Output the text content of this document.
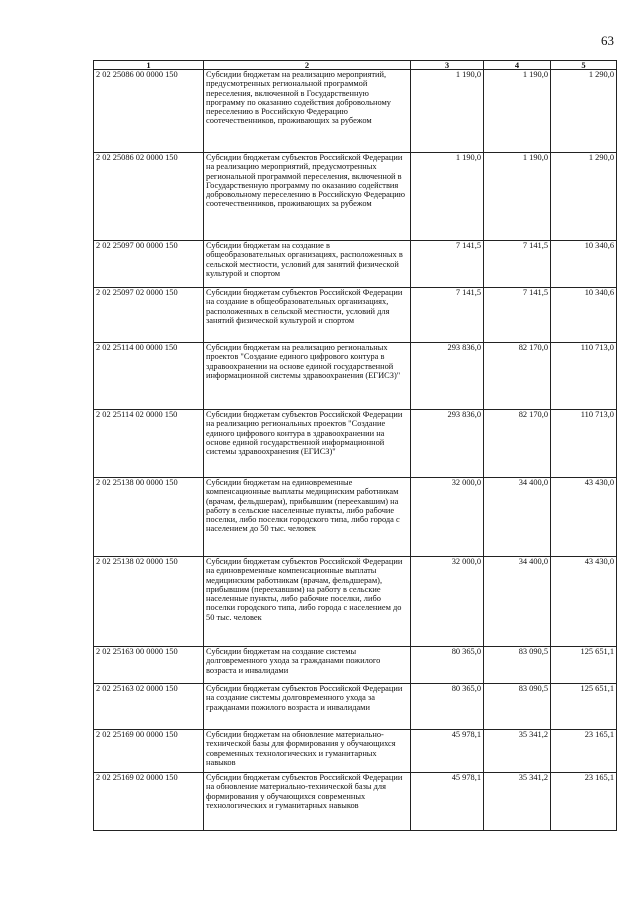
63
1	2	3	4	5
2 02 25086 00 0000 150	Субсидии бюджетам на реализацию мероприятий, предусмотренных региональной программой переселения, включенной в Государственную программу по оказанию содействия добровольному переселению в Российскую Федерацию соотечественников, проживающих за рубежом	1 190,0	1 190,0	1 290,0
2 02 25086 02 0000 150	Субсидии бюджетам субъектов Российской Федерации на реализацию мероприятий, предусмотренных региональной программой переселения, включенной в Государственную программу по оказанию содействия добровольному переселению в Российскую Федерацию соотечественников, проживающих за рубежом	1 190,0	1 190,0	1 290,0
2 02 25097 00 0000 150	Субсидии бюджетам на создание в общеобразовательных организациях, расположенных в сельской местности, условий для занятий физической культурой и спортом	7 141,5	7 141,5	10 340,6
2 02 25097 02 0000 150	Субсидии бюджетам субъектов Российской Федерации на создание в общеобразовательных организациях, расположенных в сельской местности, условий для занятий физической культурой и спортом	7 141,5	7 141,5	10 340,6
2 02 25114 00 0000 150	Субсидии бюджетам на реализацию региональных проектов "Создание единого цифрового контура в здравоохранении на основе единой государственной информационной системы здравоохранения (ЕГИСЗ)"	293 836,0	82 170,0	110 713,0
2 02 25114 02 0000 150	Субсидии бюджетам субъектов Российской Федерации на реализацию региональных проектов "Создание единого цифрового контура в здравоохранении на основе единой государственной информационной системы здравоохранения (ЕГИСЗ)"	293 836,0	82 170,0	110 713,0
2 02 25138 00 0000 150	Субсидии бюджетам на единовременные компенсационные выплаты медицинским работникам (врачам, фельдшерам), прибывшим (переехавшим) на работу в сельские населенные пункты, либо рабочие поселки, либо поселки городского типа, либо города с населением до 50 тыс. человек	32 000,0	34 400,0	43 430,0
2 02 25138 02 0000 150	Субсидии бюджетам субъектов Российской Федерации на единовременные компенсационные выплаты медицинским работникам (врачам, фельдшерам), прибывшим (переехавшим) на работу в сельские населенные пункты, либо рабочие поселки, либо поселки городского типа, либо города с населением до 50 тыс. человек	32 000,0	34 400,0	43 430,0
2 02 25163 00 0000 150	Субсидии бюджетам на создание системы долговременного ухода за гражданами пожилого возраста и инвалидами	80 365,0	83 090,5	125 651,1
2 02 25163 02 0000 150	Субсидии бюджетам субъектов Российской Федерации на создание системы долговременного ухода за гражданами пожилого возраста и инвалидами	80 365,0	83 090,5	125 651,1
2 02 25169 00 0000 150	Субсидии бюджетам на обновление материально-технической базы для формирования у обучающихся современных технологических и гуманитарных навыков	45 978,1	35 341,2	23 165,1
2 02 25169 02 0000 150	Субсидии бюджетам субъектов Российской Федерации на обновление материально-технической базы для формирования у обучающихся современных технологических и гуманитарных навыков	45 978,1	35 341,2	23 165,1
